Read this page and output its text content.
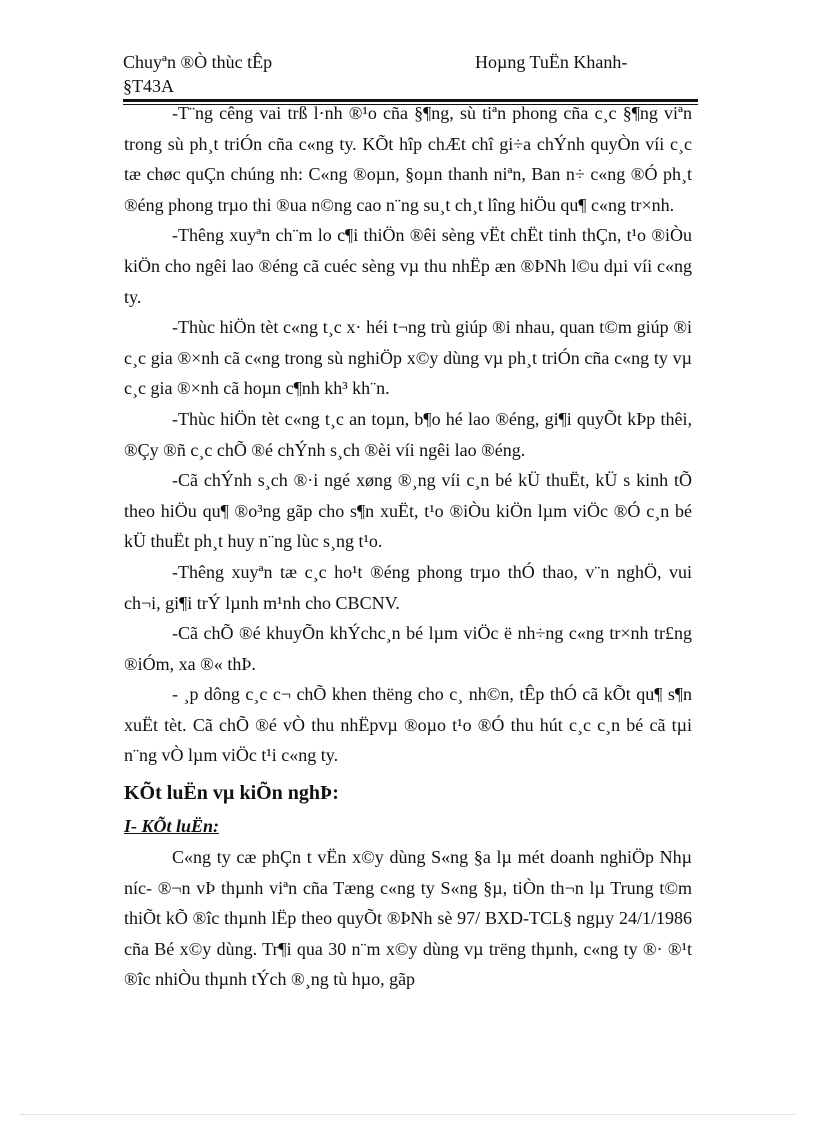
Chuyªn ®Ò thùc tÊp	Hoµng TuËn Khanh-
§T43A

-T¨ng cêng vai trß l·nh ®¹o cña §¶ng, sù tiªn phong cña c¸c §¶ng viªn trong sù ph¸t triÓn cña c«ng ty. KÕt hîp chÆt chî gi÷a chÝnh quyÒn víi c¸c tæ chøc quÇn chúng nh: C«ng ®oµn, §oµn thanh niªn, Ban n÷ c«ng ®Ó ph¸t ®éng phong trµo thi ®ua n©ng cao n¨ng su¸t ch¸t lîng hiÖu qu¶ c«ng tr×nh.

-Thêng xuyªn ch¨m lo c¶i thiÖn ®êi sèng vËt chËt tinh thÇn, t¹o ®iÒu kiÖn cho ngêi lao ®éng cã cuéc sèng vµ thu nhËp æn ®ÞNh l©u dµi víi c«ng ty.

-Thùc hiÖn tèt c«ng t¸c x· héi t¬ng trù giúp ®i nhau, quan t©m giúp ®i c¸c gia ®×nh cã c«ng trong sù nghiÖp x©y dùng vµ ph¸t triÓn cña c«ng ty vµ c¸c gia ®×nh cã hoµn c¶nh kh³ kh¨n.

-Thùc hiÖn tèt c«ng t¸c an toµn, b¶o hé lao ®éng, gi¶i quyÕt kÞp thêi, ®Çy ®ñ c¸c chÕ ®é chÝnh s¸ch ®èi víi ngêi lao ®éng.

-Cã chÝnh s¸ch ®·i ngé xøng ®¸ng víi c¸n bé kÜ thuËt, kÜ s kinh tÕ theo hiÖu qu¶ ®o³ng gãp cho s¶n xuËt, t¹o ®iÒu kiÖn lµm viÖc ®Ó c¸n bé kÜ thuËt ph¸t huy n¨ng lùc s¸ng t¹o.

-Thêng xuyªn tæ c¸c ho¹t ®éng phong trµo thÓ thao, v¨n nghÖ, vui ch¬i, gi¶i trÝ lµnh m¹nh cho CBCNV.

-Cã chÕ ®é khuyÕn khÝchc¸n bé lµm viÖc ë nh÷ng c«ng tr×nh tr£ng ®iÓm, xa ®« thÞ.

- ¸p dông c¸c c¬ chÕ khen thëng cho c¸ nh©n, tÊp thÓ cã kÕt qu¶ s¶n xuËt tèt. Cã chÕ ®é vÒ thu nhËpvµ ®oµo t¹o ®Ó thu hút c¸c c¸n bé cã tµi n¨ng vÒ lµm viÖc t¹i c«ng ty.

KÕt luËn vµ kiÕn nghÞ:

I- KÕt luËn:

C«ng ty cæ phÇn t vËn x©y dùng S«ng §a lµ mét doanh nghiÖp Nhµ níc- ®¬n vÞ thµnh viªn cña Tæng c«ng ty S«ng §µ, tiÒn th¬n lµ Trung t©m thiÕt kÕ ®îc thµnh lËp theo quyÕt ®ÞNh sè 97/ BXD-TCL§ ngµy 24/1/1986 cña Bé x©y dùng. Tr¶i qua 30 n¨m x©y dùng vµ trëng thµnh, c«ng ty ®· ®¹t ®îc nhiÒu thµnh tÝch ®¸ng tù hµo, gãp
